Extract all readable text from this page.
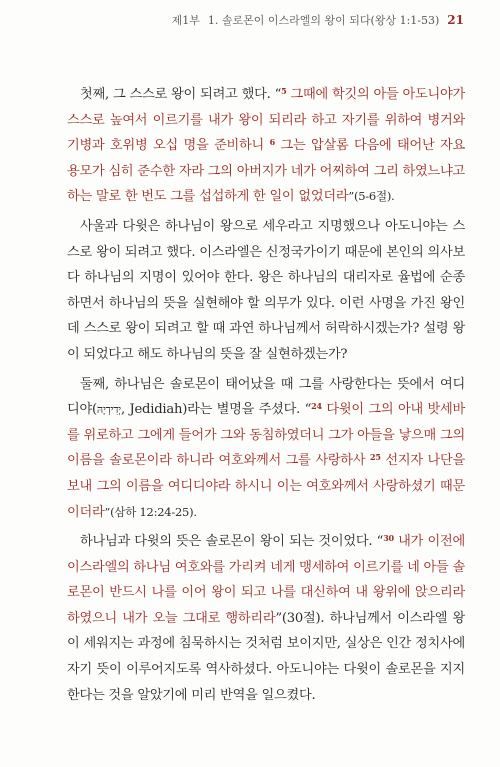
제1부 1. 솔로몬이 이스라엘의 왕이 되다(왕상 1:1-53) 21

첫째, 그 스스로 왕이 되려고 했다. “$^5$ 그때에 학깃의 아들 아도니야가 스스로 높여서 이르기를 내가 왕이 되리라 하고 자기를 위하여 병거와 기병과 호위병 오십 명을 준비하니 $^6$ 그는 압살롬 다음에 태어난 자요 용모가 심히 준수한 자라 그의 아버지가 네가 어찌하여 그리 하였느냐고 하는 말로 한 번도 그를 섭섭하게 한 일이 없었더라”(5-6절).

사울과 다윗은 하나님이 왕으로 세우라고 지명했으나 아도니야는 스스로 왕이 되려고 했다. 이스라엘은 신정국가이기 때문에 본인의 의사보다 하나님의 지명이 있어야 한다. 왕은 하나님의 대리자로 율법에 순종하면서 하나님의 뜻을 실현해야 할 의무가 있다. 이런 사명을 가진 왕인데 스스로 왕이 되려고 할 때 과연 하나님께서 허락하시겠는가? 설령 왕이 되었다고 해도 하나님의 뜻을 잘 실현하겠는가?

둘째, 하나님은 솔로몬이 태어났을 때 그를 사랑한다는 뜻에서 여디디야(יְדִידְיָהּ, Jedidiah)라는 별명을 주셨다. “$^{24}$ 다윗이 그의 아내 밧세바를 위로하고 그에게 들어가 그와 동침하였더니 그가 아들을 낳으매 그의 이름을 솔로몬이라 하니라 여호와께서 그를 사랑하사 $^{25}$ 선지자 나단을 보내 그의 이름을 여디디야라 하시니 이는 여호와께서 사랑하셨기 때문이더라”(삼하 12:24-25).

하나님과 다윗의 뜻은 솔로몬이 왕이 되는 것이었다. “$^{30}$ 내가 이전에 이스라엘의 하나님 여호와를 가리켜 네게 맹세하여 이르기를 네 아들 솔로몬이 반드시 나를 이어 왕이 되고 나를 대신하여 내 왕위에 앉으리라 하였으니 내가 오늘 그대로 행하리라”(30절). 하나님께서 이스라엘 왕이 세워지는 과정에 침묵하시는 것처럼 보이지만, 실상은 인간 정치사에 자기 뜻이 이루어지도록 역사하셨다. 아도니야는 다윗이 솔로몬을 지지한다는 것을 알았기에 미리 반역을 일으켰다.
